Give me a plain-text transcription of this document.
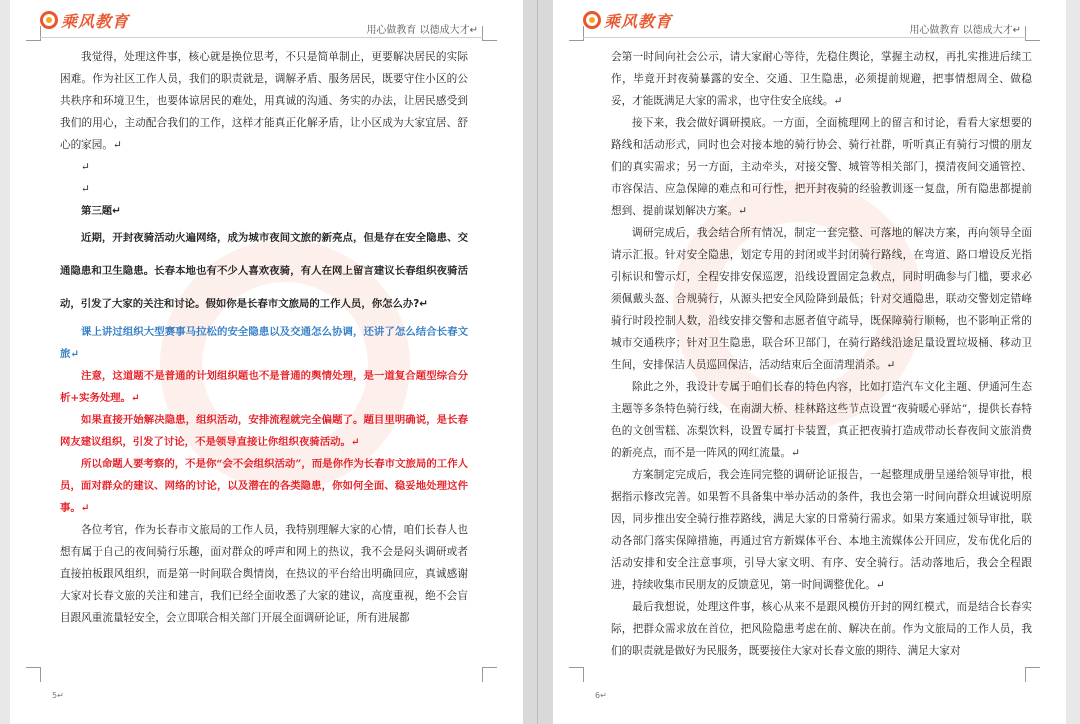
乘风教育	用心做教育 以德成大才↵

我觉得，处理这件事，核心就是换位思考，不只是简单制止，更要解决居民的实际困难。作为社区工作人员，我们的职责就是，调解矛盾、服务居民，既要守住小区的公共秩序和环境卫生，也要体谅居民的难处，用真诚的沟通、务实的办法，让居民感受到我们的用心，主动配合我们的工作，这样才能真正化解矛盾，让小区成为大家宜居、舒心的家园。↵

↵

↵

第三题↵

近期，开封夜骑活动火遍网络，成为城市夜间文旅的新亮点，但是存在安全隐患、交通隐患和卫生隐患。长春本地也有不少人喜欢夜骑，有人在网上留言建议长春组织夜骑活动，引发了大家的关注和讨论。假如你是长春市文旅局的工作人员，你怎么办?↵

课上讲过组织大型赛事马拉松的安全隐患以及交通怎么协调，还讲了怎么结合长春文旅↵

注意，这道题不是普通的计划组织题也不是普通的舆情处理，是一道复合题型综合分析+实务处理。↵

如果直接开始解决隐患，组织活动，安排流程就完全偏题了。题目里明确说，是长春网友建议组织，引发了讨论，不是领导直接让你组织夜骑活动。↵

所以命题人要考察的，不是你“会不会组织活动”，而是你作为长春市文旅局的工作人员，面对群众的建议、网络的讨论，以及潜在的各类隐患，你如何全面、稳妥地处理这件事。↵

各位考官，作为长春市文旅局的工作人员，我特别理解大家的心情，咱们长春人也想有属于自己的夜间骑行乐趣，面对群众的呼声和网上的热议，我不会是闷头调研或者直接拍板跟风组织，而是第一时间联合舆情岗，在热议的平台给出明确回应，真诚感谢大家对长春文旅的关注和建言，我们已经全面收悉了大家的建议，高度重视，绝不会盲目跟风重流量轻安全，会立即联合相关部门开展全面调研论证，所有进展都

5↵
乘风教育	用心做教育 以德成大才↵

会第一时间向社会公示，请大家耐心等待，先稳住舆论，掌握主动权，再扎实推进后续工作，毕竟开封夜骑暴露的安全、交通、卫生隐患，必须提前规避，把事情想周全、做稳妥，才能既满足大家的需求，也守住安全底线。↵

接下来，我会做好调研摸底。一方面，全面梳理网上的留言和讨论，看看大家想要的路线和活动形式，同时也会对接本地的骑行协会、骑行社群，听听真正有骑行习惯的朋友们的真实需求；另一方面，主动牵头，对接交警、城管等相关部门，摸清夜间交通管控、市容保洁、应急保障的难点和可行性，把开封夜骑的经验教训逐一复盘，所有隐患都提前想到、提前谋划解决方案。↵

调研完成后，我会结合所有情况，制定一套完整、可落地的解决方案，再向领导全面请示汇报。针对安全隐患，划定专用的封闭或半封闭骑行路线，在弯道、路口增设反光指引标识和警示灯，全程安排安保巡逻，沿线设置固定急救点，同时明确参与门槛，要求必须佩戴头盔、合规骑行，从源头把安全风险降到最低；针对交通隐患，联动交警划定错峰骑行时段控制人数，沿线安排交警和志愿者值守疏导，既保障骑行顺畅，也不影响正常的城市交通秩序；针对卫生隐患，联合环卫部门，在骑行路线沿途足量设置垃圾桶、移动卫生间，安排保洁人员巡回保洁，活动结束后全面清理消杀。↵

除此之外，我设计专属于咱们长春的特色内容，比如打造汽车文化主题、伊通河生态主题等多条特色骑行线，在南湖大桥、桂林路这些节点设置“夜骑暖心驿站”，提供长春特色的文创雪糕、冻梨饮料，设置专属打卡装置，真正把夜骑打造成带动长春夜间文旅消费的新亮点，而不是一阵风的网红流量。↵

方案制定完成后，我会连同完整的调研论证报告，一起整理成册呈递给领导审批，根据指示修改完善。如果暂不具备集中举办活动的条件，我也会第一时间向群众坦诚说明原因，同步推出安全骑行推荐路线，满足大家的日常骑行需求。如果方案通过领导审批，联动各部门落实保障措施，再通过官方新媒体平台、本地主流媒体公开回应，发布优化后的活动安排和安全注意事项，引导大家文明、有序、安全骑行。活动落地后，我会全程跟进，持续收集市民朋友的反馈意见，第一时间调整优化。↵

最后我想说，处理这件事，核心从来不是跟风模仿开封的网红模式，而是结合长春实际，把群众需求放在首位，把风险隐患考虑在前、解决在前。作为文旅局的工作人员，我们的职责就是做好为民服务，既要接住大家对长春文旅的期待、满足大家对

6↵
